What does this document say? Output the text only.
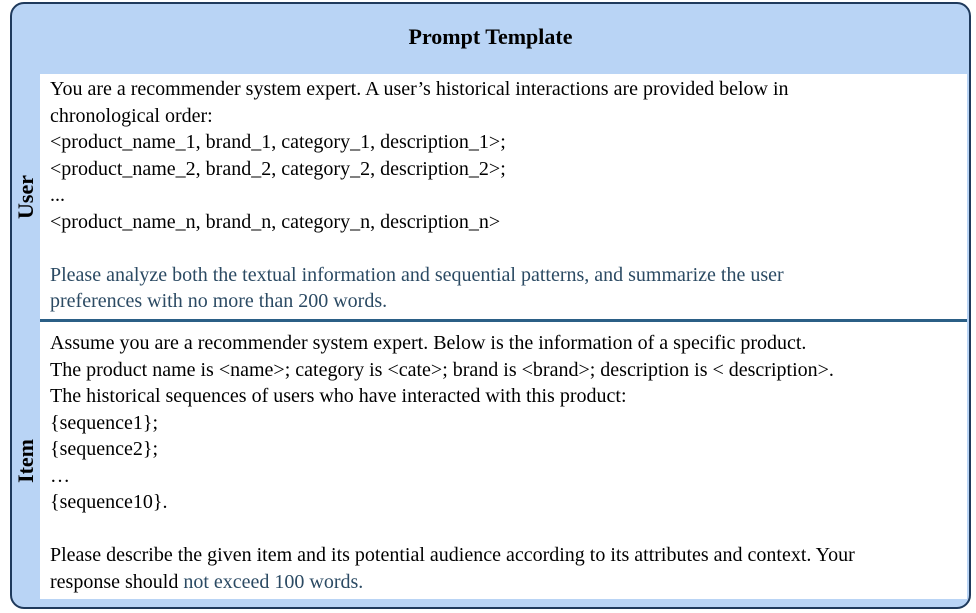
Prompt Template
User
Item
You are a recommender system expert. A user’s historical interactions are provided below in
chronological order:
<product_name_1, brand_1, category_1, description_1>;
<product_name_2, brand_2, category_2, description_2>;
...
<product_name_n, brand_n, category_n, description_n>
Please analyze both the textual information and sequential patterns, and summarize the user
preferences with no more than 200 words.
Assume you are a recommender system expert. Below is the information of a specific product.
The product name is <name>; category is <cate>; brand is <brand>; description is < description>.
The historical sequences of users who have interacted with this product:
{sequence1};
{sequence2};
…
{sequence10}.
Please describe the given item and its potential audience according to its attributes and context. Your
response should not exceed 100 words.
